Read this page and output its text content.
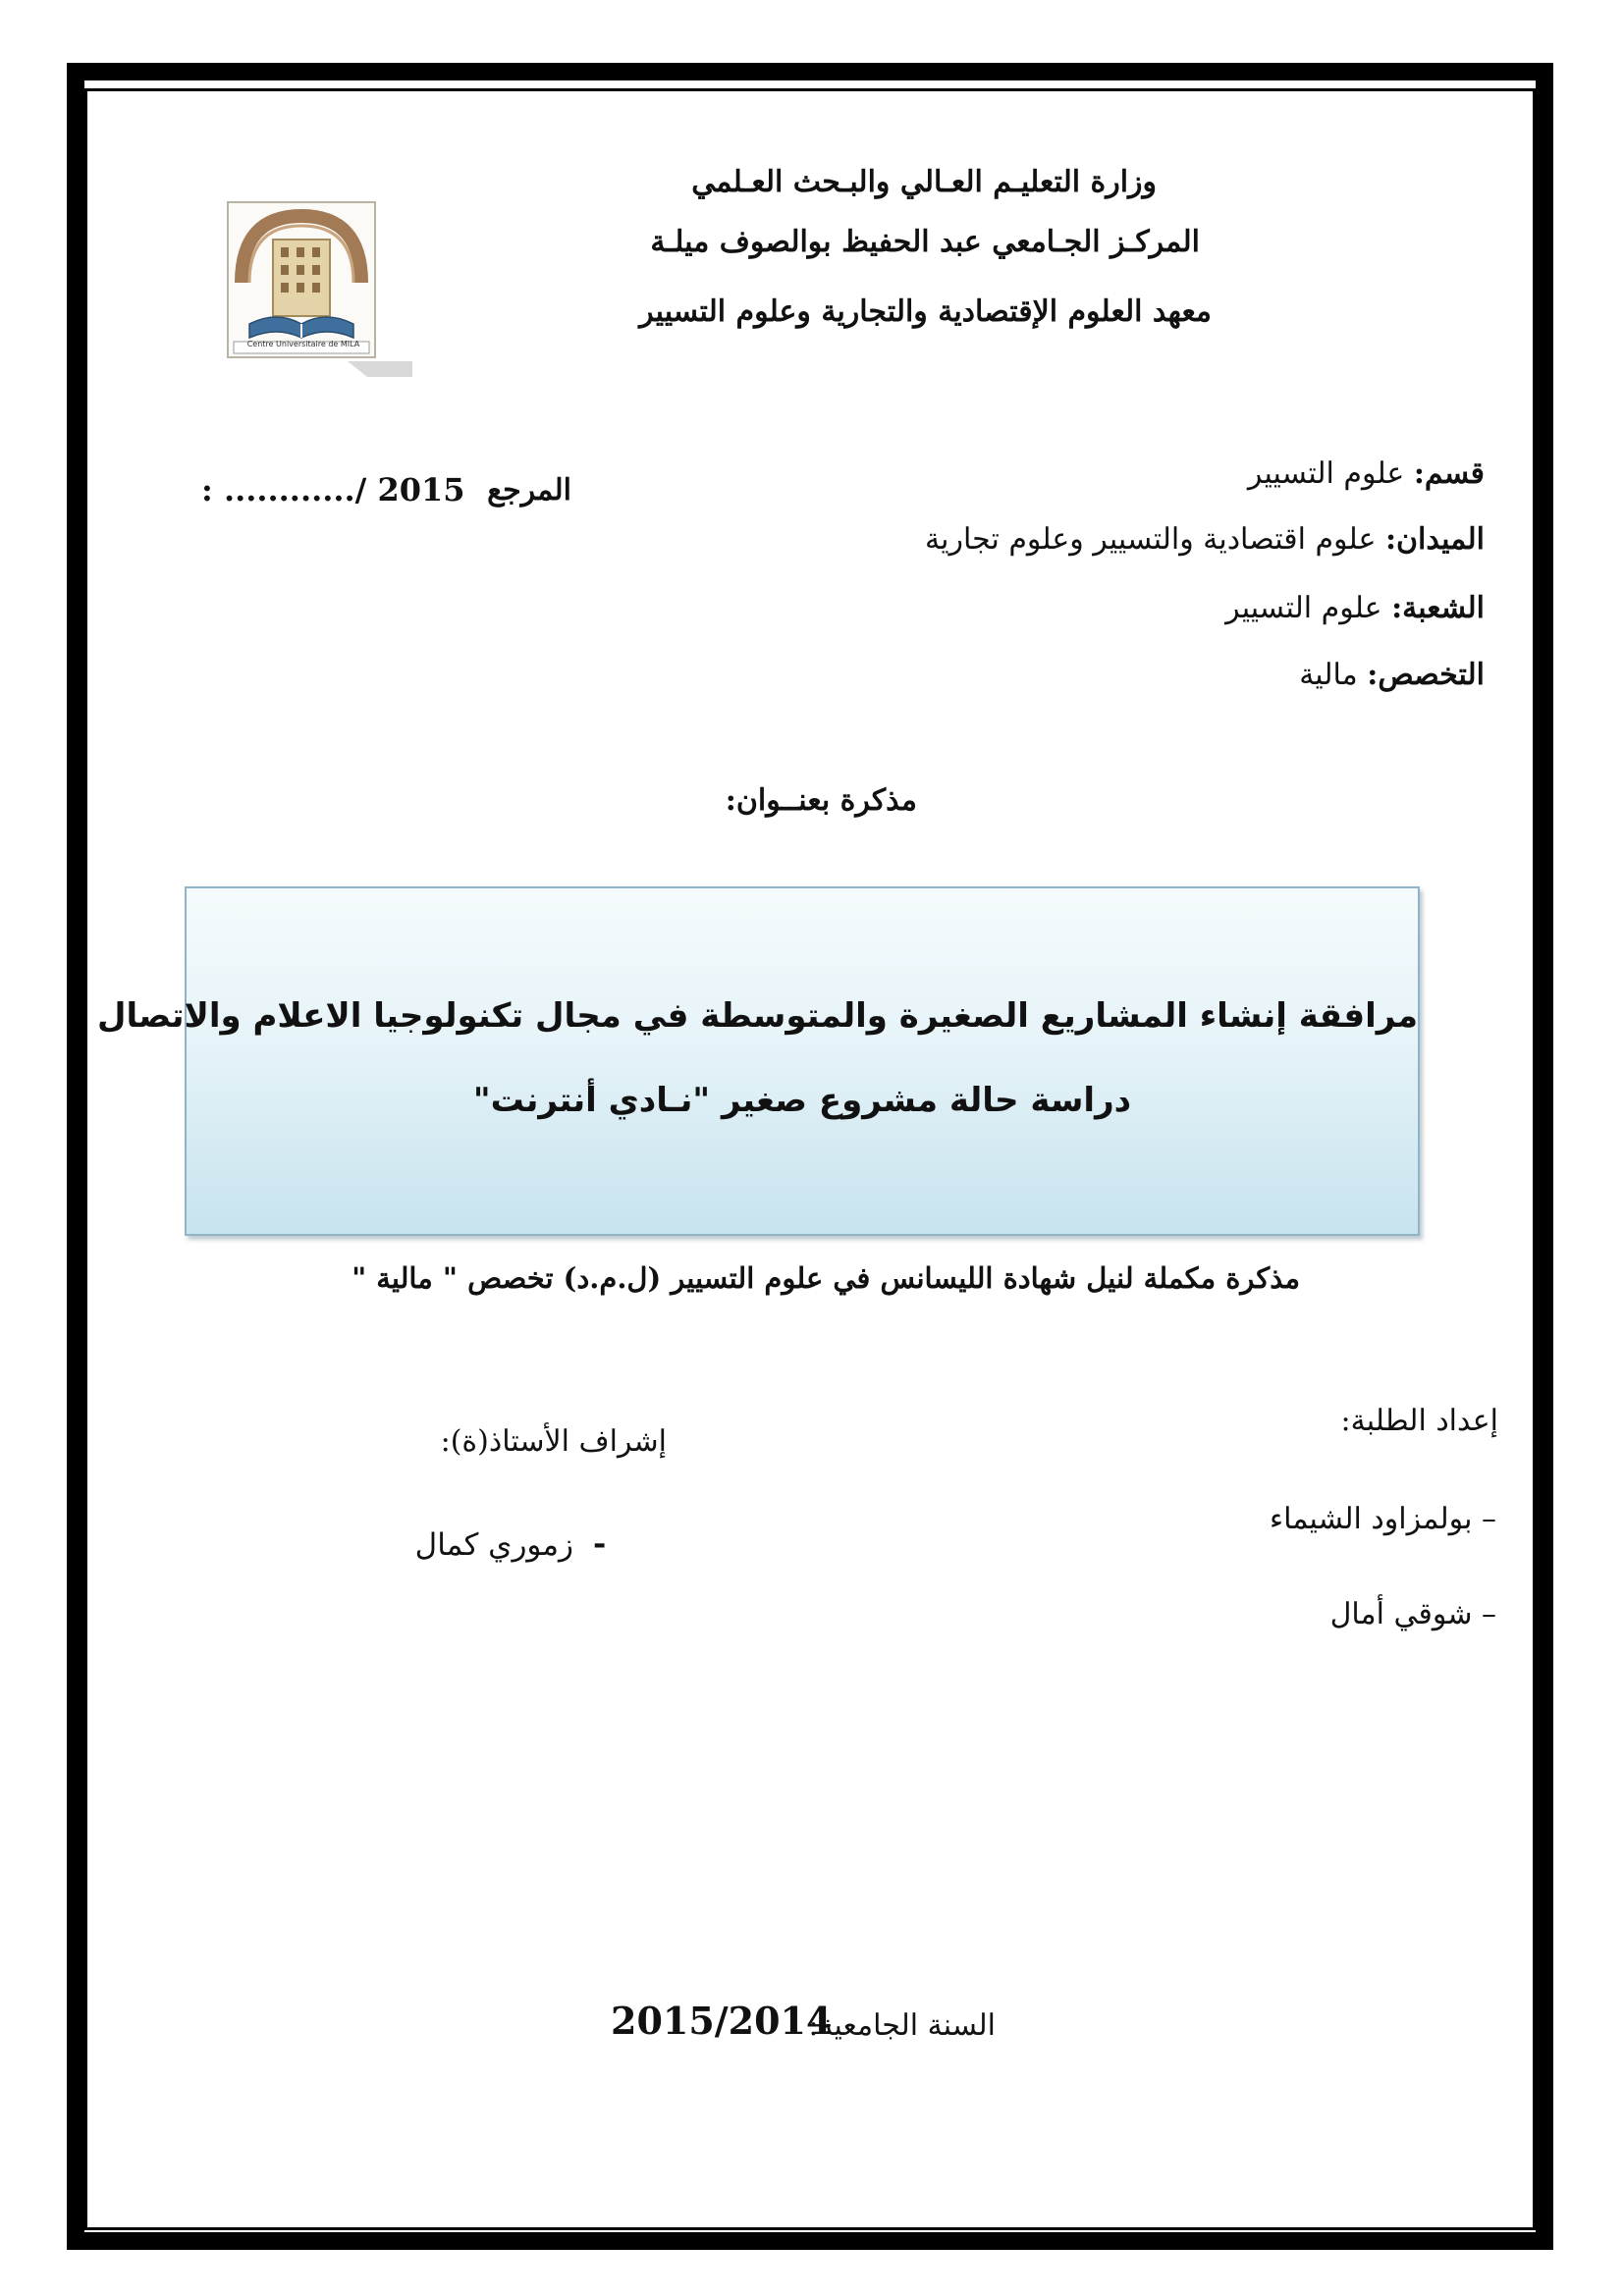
وزارة التعليـم العـالي والبـحث العـلمي
المركـز الجـامعي عبد الحفيظ بوالصوف ميلـة
معهد العلوم الإقتصادية والتجارية وعلوم التسيير
Centre Universitaire de MILA
: ............/ 2015 المرجع	قسم: علوم التسيير
الميدان: علوم اقتصادية والتسيير وعلوم تجارية
الشعبة: علوم التسيير
التخصص: مالية
مذكرة بعنــوان:
مرافقة إنشاء المشاريع الصغيرة والمتوسطة في مجال تكنولوجيا الاعلام والاتصال
دراسة حالة مشروع صغير "نـادي أنترنت"
مذكرة مكملة لنيل شهادة الليسانس في علوم التسيير (ل.م.د) تخصص " مالية "
إعداد الطلبة:
– بولمزاود الشيماء
– شوقي أمال
إشراف الأستاذ(ة):
-
زموري كمال
السنة الجامعية:
2015/2014
